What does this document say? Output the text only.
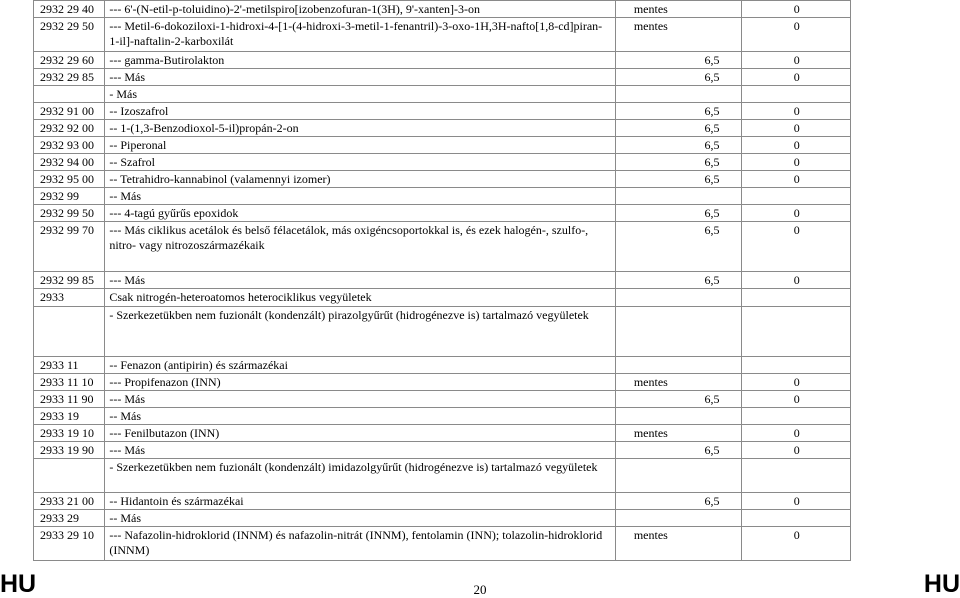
2932 29 40	--- 6'-(N-etil-p-toluidino)-2'-metilspiro[izobenzofuran-1(3H), 9'-xanten]-3-on	mentes	0
2932 29 50	--- Metil-6-dokoziloxi-1-hidroxi-4-[1-(4-hidroxi-3-metil-1-fenantril)-3-oxo-1H,3H-nafto[1,8-cd]piran-1-il]-naftalin-2-karboxilát	mentes	0
2932 29 60	--- gamma-Butirolakton	6,5	0
2932 29 85	--- Más	6,5	0
	- Más		
2932 91 00	-- Izoszafrol	6,5	0
2932 92 00	-- 1-(1,3-Benzodioxol-5-il)propán-2-on	6,5	0
2932 93 00	-- Piperonal	6,5	0
2932 94 00	-- Szafrol	6,5	0
2932 95 00	-- Tetrahidro-kannabinol (valamennyi izomer)	6,5	0
2932 99	-- Más		
2932 99 50	--- 4-tagú gyűrűs epoxidok	6,5	0
2932 99 70	--- Más ciklikus acetálok és belső félacetálok, más oxigéncsoportokkal is, és ezek halogén-, szulfo-, nitro- vagy nitrozoszármazékaik	6,5	0
2932 99 85	--- Más	6,5	0
2933	Csak nitrogén-heteroatomos heterociklikus vegyületek		
	- Szerkezetükben nem fuzionált (kondenzált) pirazolgyűrűt (hidrogénezve is) tartalmazó vegyületek		
2933 11	-- Fenazon (antipirin) és származékai		
2933 11 10	--- Propifenazon (INN)	mentes	0
2933 11 90	--- Más	6,5	0
2933 19	-- Más		
2933 19 10	--- Fenilbutazon (INN)	mentes	0
2933 19 90	--- Más	6,5	0
	- Szerkezetükben nem fuzionált (kondenzált) imidazolgyűrűt (hidrogénezve is) tartalmazó vegyületek		
2933 21 00	-- Hidantoin és származékai	6,5	0
2933 29	-- Más		
2933 29 10	--- Nafazolin-hidroklorid (INNM) és nafazolin-nitrát (INNM), fentolamin (INN); tolazolin-hidroklorid (INNM)	mentes	0
HU	20	HU
